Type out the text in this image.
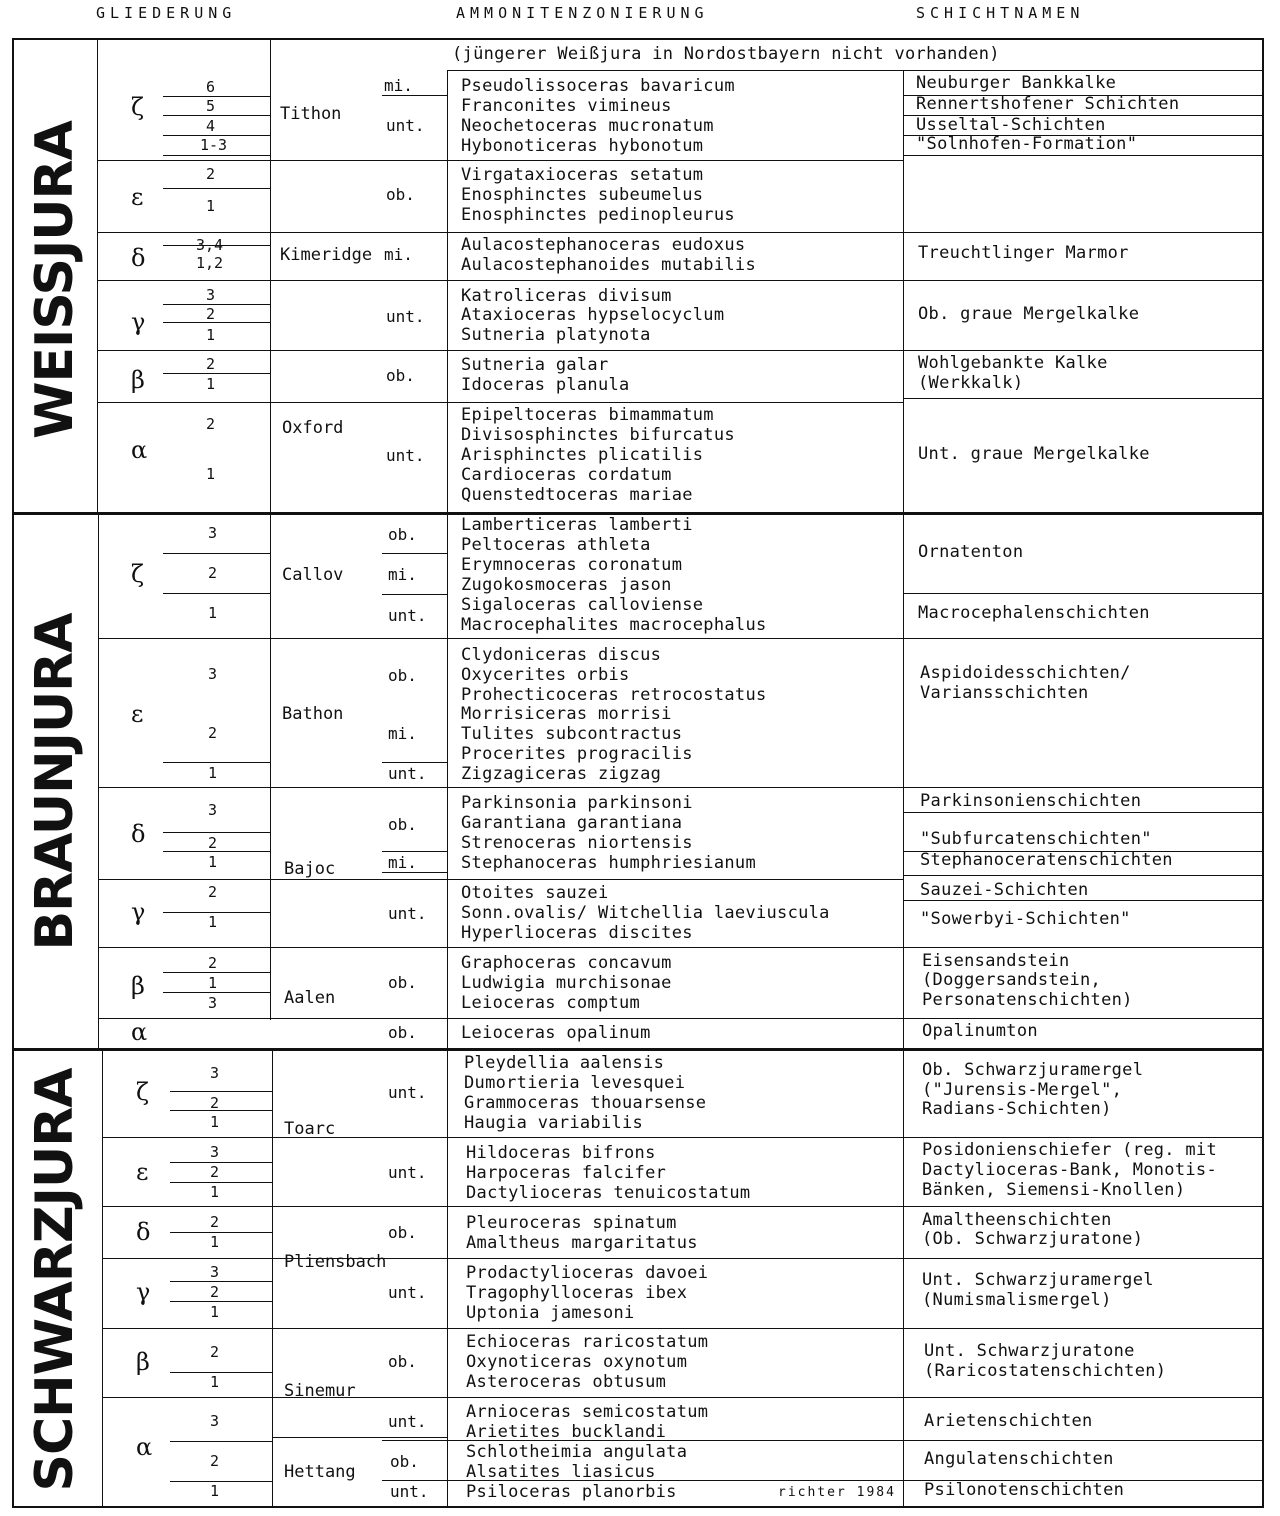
GLIEDERUNG	AMMONITENZONIERUNG	SCHICHTNAMEN
WEISSJURA
BRAUNJURA
SCHWARZJURA
ζ
ε
δ
γ
β
α
ζ
ε
δ
γ
β
α
ζ
ε
δ
γ
β
α
6
5
4
1-3
2
1
3,4
1,2
3
2
1
2
1
2
1
3
2
1
3
2
1
3
2
1
2
1
2
1
3
3
2
1
3
2
1
2
1
3
2
1
2
1
3
2
1
Tithon
Kimeridge
Oxford
Callov
Bathon
Bajoc
Aalen
Toarc
Pliensbach
Sinemur
Hettang
mi.
unt.
ob.
mi.
unt.
ob.
unt.
ob.
mi.
unt.
ob.
mi.
unt.
ob.
mi.
unt.
ob.
ob.
unt.
unt.
ob.
unt.
ob.
unt.
ob.
unt.
(jüngerer Weißjura in Nordostbayern nicht vorhanden)
Pseudolissoceras bavaricum
Franconites vimineus
Neochetoceras mucronatum
Hybonoticeras hybonotum
Virgataxioceras setatum
Enosphinctes subeumelus
Enosphinctes pedinopleurus
Aulacostephanoceras eudoxus
Aulacostephanoides mutabilis
Katroliceras divisum
Ataxioceras hypselocyclum
Sutneria platynota
Sutneria galar
Idoceras planula
Epipeltoceras bimammatum
Divisosphinctes bifurcatus
Arisphinctes plicatilis
Cardioceras cordatum
Quenstedtoceras mariae
Lamberticeras lamberti
Peltoceras athleta
Erymnoceras coronatum
Zugokosmoceras jason
Sigaloceras calloviense
Macrocephalites macrocephalus
Clydoniceras discus
Oxycerites orbis
Prohecticoceras retrocostatus
Morrisiceras morrisi
Tulites subcontractus
Procerites progracilis
Zigzagiceras zigzag
Parkinsonia parkinsoni
Garantiana garantiana
Strenoceras niortensis
Stephanoceras humphriesianum
Otoites sauzei
Sonn.ovalis/ Witchellia laeviuscula
Hyperlioceras discites
Graphoceras concavum
Ludwigia murchisonae
Leioceras comptum
Leioceras opalinum
Pleydellia aalensis
Dumortieria levesquei
Grammoceras thouarsense
Haugia variabilis
Hildoceras bifrons
Harpoceras falcifer
Dactylioceras tenuicostatum
Pleuroceras spinatum
Amaltheus margaritatus
Prodactylioceras davoei
Tragophylloceras ibex
Uptonia jamesoni
Echioceras raricostatum
Oxynoticeras oxynotum
Asteroceras obtusum
Arnioceras semicostatum
Arietites bucklandi
Schlotheimia angulata
Alsatites liasicus
Psiloceras planorbis
Neuburger Bankkalke
Rennertshofener Schichten
Usseltal-Schichten
"Solnhofen-Formation"
Treuchtlinger Marmor
Ob. graue Mergelkalke
Wohlgebankte Kalke
(Werkkalk)
Unt. graue Mergelkalke
Ornatenton
Macrocephalenschichten
Aspidoidesschichten/
Variansschichten
Parkinsonienschichten
"Subfurcatenschichten"
Stephanoceratenschichten
Sauzei-Schichten
"Sowerbyi-Schichten"
Eisensandstein
(Doggersandstein,
Personatenschichten)
Opalinumton
Ob. Schwarzjuramergel
("Jurensis-Mergel",
Radians-Schichten)
Posidonienschiefer (reg. mit
Dactylioceras-Bank, Monotis-
Bänken, Siemensi-Knollen)
Amaltheenschichten
(Ob. Schwarzjuratone)
Unt. Schwarzjuramergel
(Numismalismergel)
Unt. Schwarzjuratone
(Raricostatenschichten)
Arietenschichten
Angulatenschichten
Psilonotenschichten
richter 1984
